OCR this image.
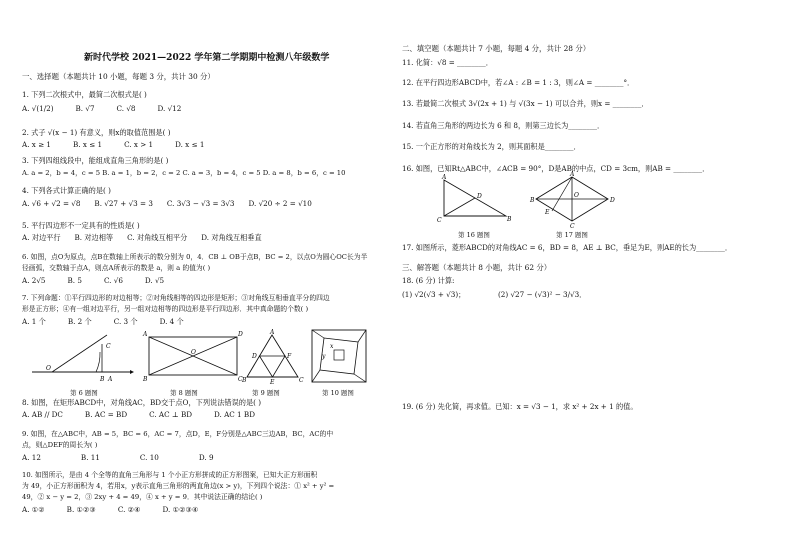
新时代学校 2021—2022 学年第二学期期中检测八年级数学
一、选择题（本题共计 10 小题，每题 3 分，共计 30 分）
1. 下列二次根式中，最简二次根式是( )
A. √(1/2)	B. √7	C. √8	D. √12
2. 式子 √(x − 1) 有意义，则x的取值范围是( )
A. x ≥ 1	B. x ≤ 1	C. x > 1	D. x ≤ 1
3. 下列四组线段中，能组成直角三角形的是( )
A. a = 2，b = 4，c = 5 B. a = 1，b = 2，c = 2 C. a = 3，b = 4，c = 5 D. a = 8，b = 6，c = 10
4. 下列各式计算正确的是( )
A. √6 + √2 = √8 B. √27 + √3 = 3 C. 3√3 − √3 = 3√3 D. √20 ÷ 2 = √10
5. 平行四边形不一定具有的性质是( )
A. 对边平行 B. 对边相等 C. 对角线互相平分 D. 对角线互相垂直
6. 如图，点O为原点，点B在数轴上所表示的数分别为 0，4．CB ⊥ OB于点B，BC = 2，以点O为圆心OC长为半
径画弧，交数轴于点A，则点A所表示的数是 a，则 a 的值为( )
A. 2√5	B. 5	C. √6	D. √5
7. 下列命题：①平行四边形的对边相等；②对角线相等的四边形是矩形；③对角线互相垂直平分的四边
形是正方形；④有一组对边平行，另一组对边相等的四边形是平行四边形．其中真命题的个数( )
A. 1 个	B. 2 个	C. 3 个	D. 4 个
O
B A
C
第 6 题图
A	D
B	C
O
第 8 题图
A
D	F
B	E	C
第 9 题图
x
y
第 10 题图
8. 如图，在矩形ABCD中，对角线AC，BD交于点O，下列说法错误的是( )
A. AB // DC	B. AC = BD	C. AC ⊥ BD	D. AC 1 BD
9. 如图，在△ABC中，AB = 5，BC = 6，AC = 7，点D，E，F分别是△ABC三边AB，BC，AC的中
点，则△DEF的周长为( )
A. 12	B. 11	C. 10	D. 9
10. 如图所示，是由 4 个全等的直角三角形与 1 个小正方形拼成的正方形图案，已知大正方形面积
为 49，小正方形面积为 4，若用x，y表示直角三角形的两直角边(x > y)，下列四个说法：① x² + y² =
49，② x − y = 2，③ 2xy + 4 = 49，④ x + y = 9．其中说法正确的结论( )
A. ①②	B. ①②③	C. ②④	D. ①②③④
二、填空题（本题共计 7 小题，每题 4 分，共计 28 分）
11. 化简：√8 = ________．
12. 在平行四边形ABCD中，若∠A : ∠B = 1 : 3，则∠A = ________°．
13. 若最简二次根式 3√(2x + 1) 与 √(3x − 1) 可以合并，则x = ________．
14. 若直角三角形的两边长为 6 和 8，则第三边长为________．
15. 一个正方形的对角线长为 2，则其面积是________．
16. 如图，已知Rt△ABC中，∠ACB = 90°，D是AB的中点，CD = 3cm，则AB = ________．
A
C	B
D
第 16 题图
A
B	D
C
E
O
第 17 题图
17. 如图所示，菱形ABCD的对角线AC = 6，BD = 8，AE ⊥ BC，垂足为E，则AE的长为________．
三、解答题（本题共计 8 小题，共计 62 分）
18. (6 分) 计算:
(1) √2(√3 + √3)；	(2) √27 − (√3)² − 3/√3．
19. (6 分) 先化简，再求值。已知：x = √3 − 1，求 x² + 2x + 1 的值。
